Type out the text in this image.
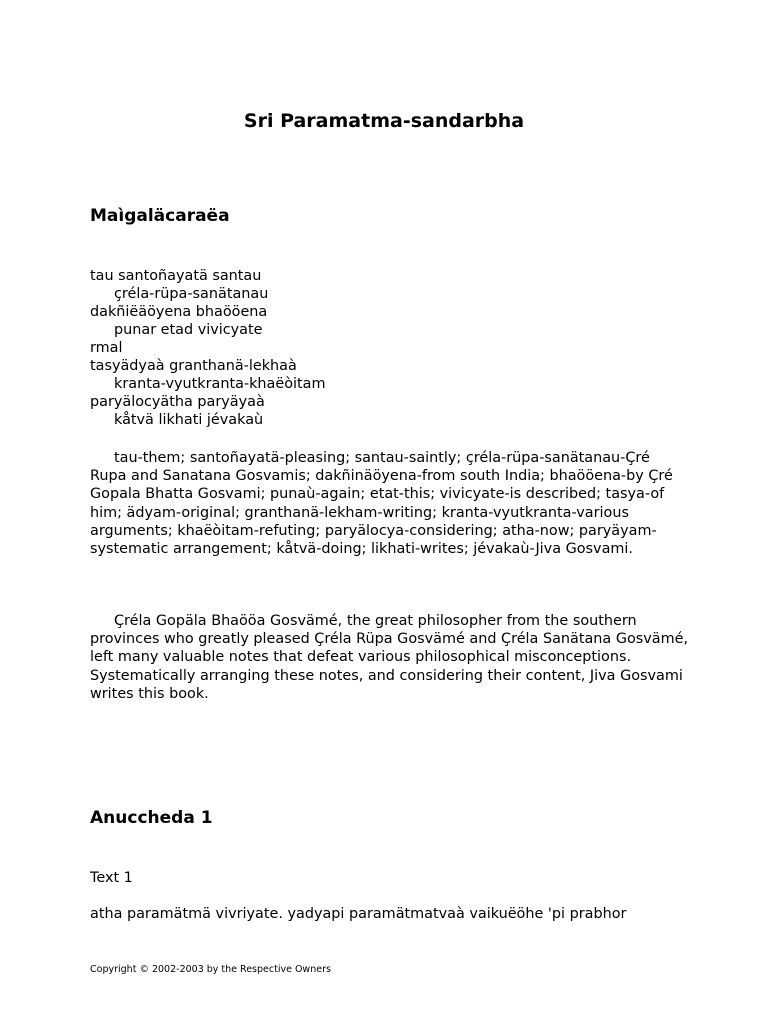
Sri Paramatma-sandarbha
Maìgaläcaraëa
tau santoñayatä santau
çréla-rüpa-sanätanau
dakñiëäöyena bhaööena
punar etad vivicyate
rmal
tasyädyaà granthanä-lekhaà
kranta-vyutkranta-khaëòitam
paryälocyätha paryäyaà
kåtvä likhati jévakaù

tau-them; santoñayatä-pleasing; santau-saintly; çréla-rüpa-sanätanau-Çré Rupa and Sanatana Gosvamis; dakñinäöyena-from south India; bhaööena-by Çré Gopala Bhatta Gosvami; punaù-again; etat-this; vivicyate-is described; tasya-of him; ädyam-original; granthanä-lekham-writing; kranta-vyutkranta-various arguments; khaëòitam-refuting; paryälocya-considering; atha-now; paryäyam-systematic arrangement; kåtvä-doing; likhati-writes; jévakaù-Jiva Gosvami.

Çréla Gopäla Bhaööa Gosvämé, the great philosopher from the southern provinces who greatly pleased Çréla Rüpa Gosvämé and Çréla Sanätana Gosvämé, left many valuable notes that defeat various philosophical misconceptions. Systematically arranging these notes, and considering their content, Jiva Gosvami writes this book.

Anuccheda 1
Text 1
atha paramätmä vivriyate. yadyapi paramätmatvaà vaikuëöhe 'pi prabhor
Copyright © 2002-2003 by the Respective Owners
